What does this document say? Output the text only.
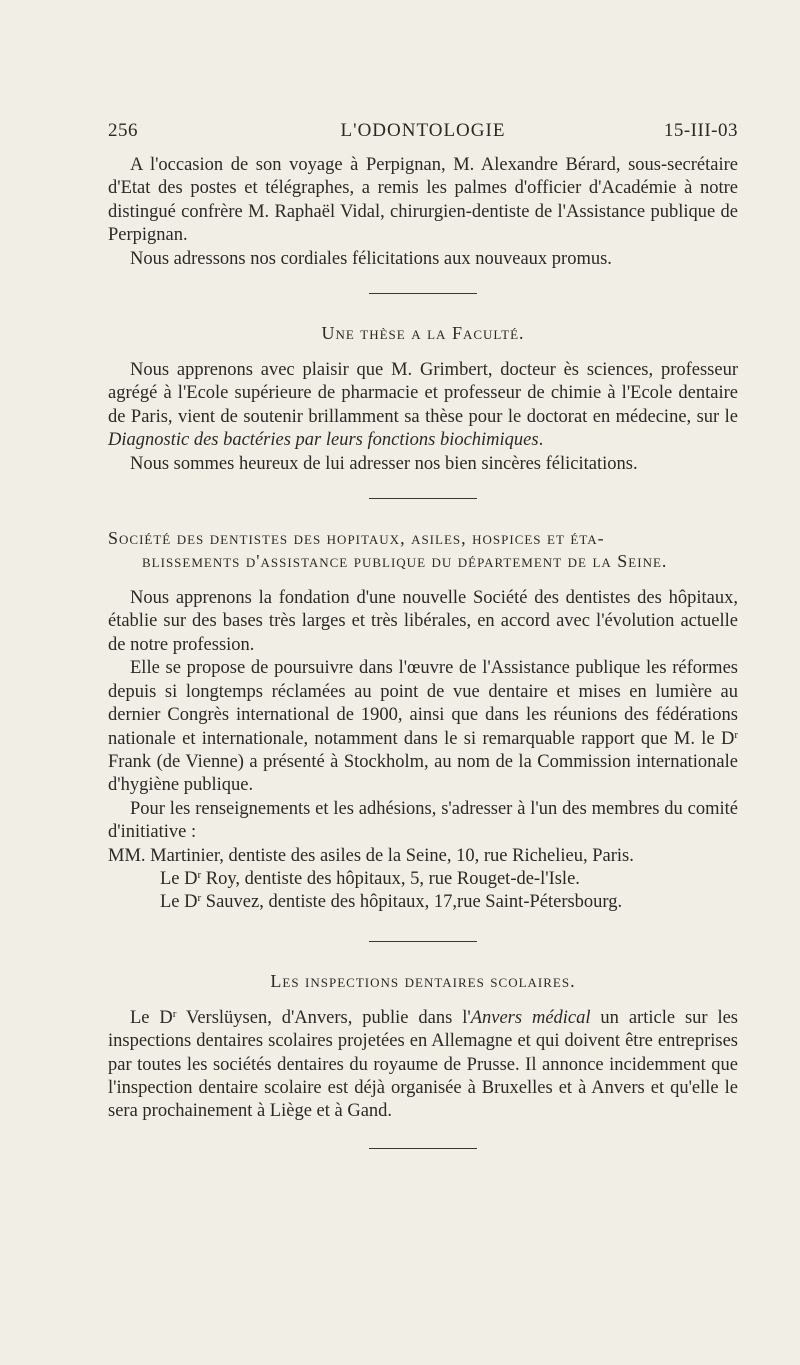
256	L'ODONTOLOGIE	15-III-03

A l'occasion de son voyage à Perpignan, M. Alexandre Bérard, sous-secrétaire d'Etat des postes et télégraphes, a remis les palmes d'officier d'Académie à notre distingué confrère M. Raphaël Vidal, chirurgien-dentiste de l'Assistance publique de Perpignan.

Nous adressons nos cordiales félicitations aux nouveaux promus.

Une thèse a la Faculté.

Nous apprenons avec plaisir que M. Grimbert, docteur ès sciences, professeur agrégé à l'Ecole supérieure de pharmacie et professeur de chimie à l'Ecole dentaire de Paris, vient de soutenir brillamment sa thèse pour le doctorat en médecine, sur le Diagnostic des bactéries par leurs fonctions biochimiques.

Nous sommes heureux de lui adresser nos bien sincères félicitations.

Société des dentistes des hopitaux, asiles, hospices et éta-
blissements d'assistance publique du département de la Seine.

Nous apprenons la fondation d'une nouvelle Société des dentistes des hôpitaux, établie sur des bases très larges et très libérales, en accord avec l'évolution actuelle de notre profession.

Elle se propose de poursuivre dans l'œuvre de l'Assistance publique les réformes depuis si longtemps réclamées au point de vue dentaire et mises en lumière au dernier Congrès international de 1900, ainsi que dans les réunions des fédérations nationale et internationale, notamment dans le si remarquable rapport que M. le $D^r$ Frank (de Vienne) a présenté à Stockholm, au nom de la Commission internationale d'hygiène publique.

Pour les renseignements et les adhésions, s'adresser à l'un des membres du comité d'initiative :

MM. Martinier, dentiste des asiles de la Seine, 10, rue Richelieu, Paris.

Le $D^r$ Roy, dentiste des hôpitaux, 5, rue Rouget-de-l'Isle.

Le $D^r$ Sauvez, dentiste des hôpitaux, 17,rue Saint-Pétersbourg.

Les inspections dentaires scolaires.

Le $D^r$ Verslüysen, d'Anvers, publie dans l'Anvers médical un article sur les inspections dentaires scolaires projetées en Allemagne et qui doivent être entreprises par toutes les sociétés dentaires du royaume de Prusse. Il annonce incidemment que l'inspection dentaire scolaire est déjà organisée à Bruxelles et à Anvers et qu'elle le sera prochainement à Liège et à Gand.
